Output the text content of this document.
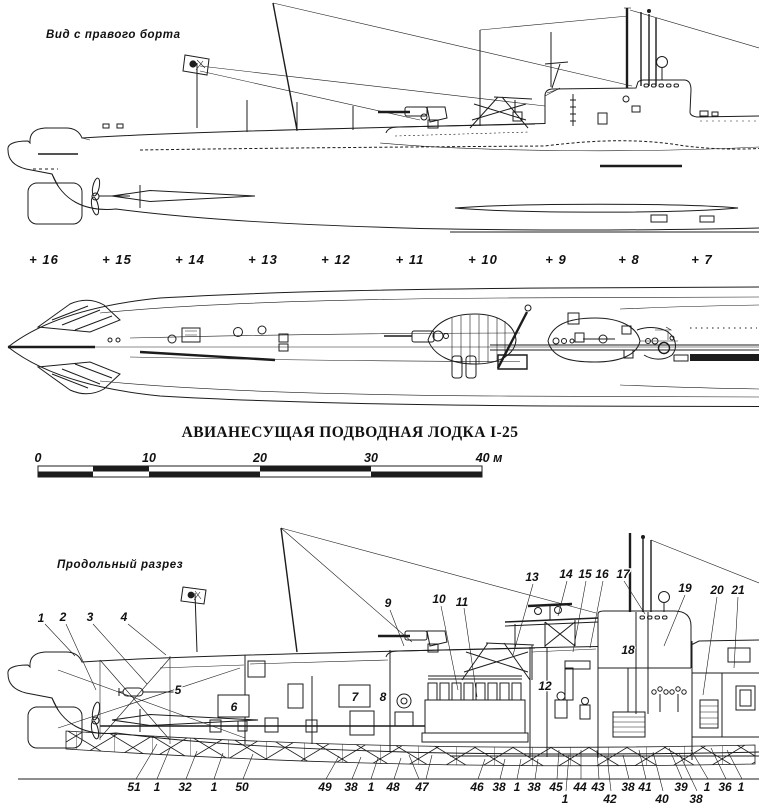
Вид с правого борта
+ 16	+ 15	+ 14	+ 13	+ 12	+ 11	+ 10	+ 9	+ 8	+ 7
АВИАНЕСУЩАЯ ПОДВОДНАЯ ЛОДКА I-25
0	10	20	30	40 м
Продольный разрез
1 2 3 4
9	10 11
13 14 15 16 17
19 20 21
5
6
7 8
12
18
51 1 32 1 50	49 38 1 48 47	46 38 1 38 45 44 43 38 41 39 1 36 1
1	42	40 38
